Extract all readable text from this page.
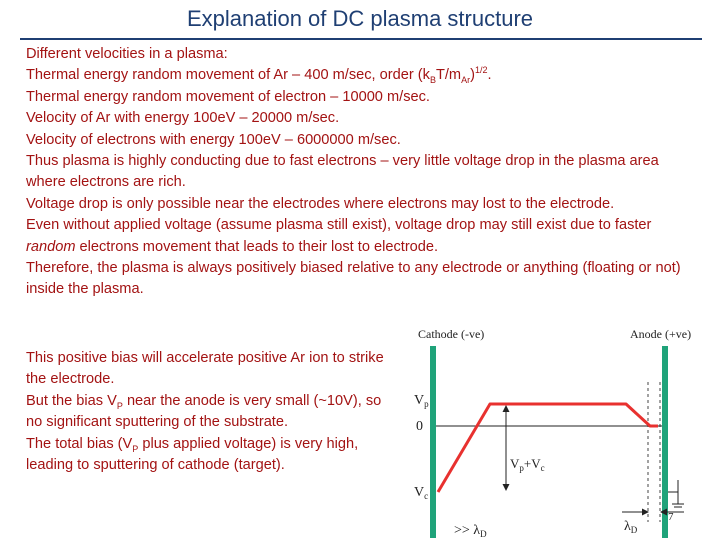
Explanation of DC plasma structure

Different velocities in a plasma:

Thermal energy random movement of Ar – 400 m/sec, order $(k_BT/m_{Ar})^{1/2}$.

Thermal energy random movement of electron – 10000 m/sec.

Velocity of Ar with energy 100eV – 20000 m/sec.

Velocity of electrons with energy 100eV – 6000000 m/sec.

Thus plasma is highly conducting due to fast electrons – very little voltage drop in the plasma area where electrons are rich.

Voltage drop is only possible near the electrodes where electrons may lost to the electrode.

Even without applied voltage (assume plasma still exist), voltage drop may still exist due to faster random electrons movement that leads to their lost to electrode.

Therefore, the plasma is always positively biased relative to any electrode or anything (floating or not) inside the plasma.

This positive bias will accelerate positive Ar ion to strike the electrode.

But the bias $V_P$ near the anode is very small (~10V), so no significant sputtering of the substrate.

The total bias ($V_P$ plus applied voltage) is very high, leading to sputtering of cathode (target).

Cathode (-ve)	Anode (+ve)
$V_p$
0
$V_c$
$V_p+V_c$
>> $\lambda_D$	$\lambda_D$
7
